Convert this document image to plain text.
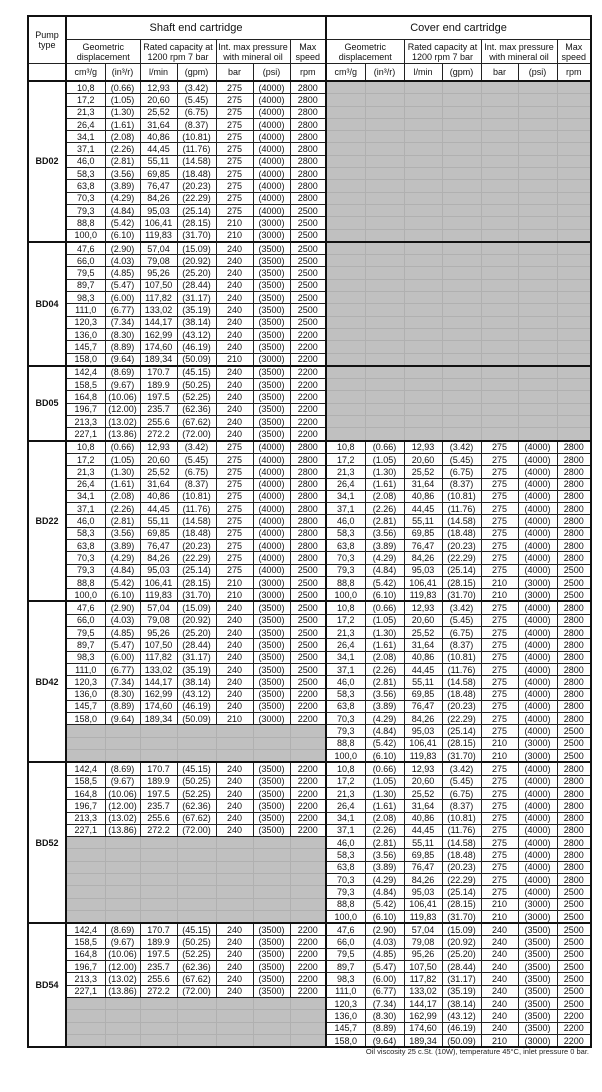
Pump type	Shaft end cartridge							Cover end cartridge						
	Geometric displacement		Rated capacity at 1200 rpm 7 bar		Int. max pressure with mineral oil		Max speed	Geometric displacement		Rated capacity at 1200 rpm 7 bar		Int. max pressure with mineral oil		Max speed
	cm³/g	(in³/r)	l/min	(gpm)	bar	(psi)	rpm	cm³/g	(in³/r)	l/min	(gpm)	bar	(psi)	rpm
BD02	10,8	(0.66)	12,93	(3.42)	275	(4000)	2800							
	17,2	(1.05)	20,60	(5.45)	275	(4000)	2800							
	21,3	(1.30)	25,52	(6.75)	275	(4000)	2800							
	26,4	(1.61)	31,64	(8.37)	275	(4000)	2800							
	34,1	(2.08)	40,86	(10.81)	275	(4000)	2800							
	37,1	(2.26)	44,45	(11.76)	275	(4000)	2800							
	46,0	(2.81)	55,11	(14.58)	275	(4000)	2800							
	58,3	(3.56)	69,85	(18.48)	275	(4000)	2800							
	63,8	(3.89)	76,47	(20.23)	275	(4000)	2800							
	70,3	(4.29)	84,26	(22.29)	275	(4000)	2800							
	79,3	(4.84)	95,03	(25.14)	275	(4000)	2500							
	88,8	(5.42)	106,41	(28.15)	210	(3000)	2500							
	100,0	(6.10)	119,83	(31.70)	210	(3000)	2500							
BD04	47,6	(2.90)	57,04	(15.09)	240	(3500)	2500							
	66,0	(4.03)	79,08	(20.92)	240	(3500)	2500							
	79,5	(4.85)	95,26	(25.20)	240	(3500)	2500							
	89,7	(5.47)	107,50	(28.44)	240	(3500)	2500							
	98,3	(6.00)	117,82	(31.17)	240	(3500)	2500							
	111,0	(6.77)	133,02	(35.19)	240	(3500)	2500							
	120,3	(7.34)	144,17	(38.14)	240	(3500)	2500							
	136,0	(8.30)	162,99	(43.12)	240	(3500)	2200							
	145,7	(8.89)	174,60	(46.19)	240	(3500)	2200							
	158,0	(9.64)	189,34	(50.09)	210	(3000)	2200							
BD05	142,4	(8.69)	170.7	(45.15)	240	(3500)	2200							
	158,5	(9.67)	189.9	(50.25)	240	(3500)	2200							
	164,8	(10.06)	197.5	(52.25)	240	(3500)	2200							
	196,7	(12.00)	235.7	(62.36)	240	(3500)	2200							
	213,3	(13.02)	255.6	(67.62)	240	(3500)	2200							
	227,1	(13.86)	272.2	(72.00)	240	(3500)	2200							
BD22	10,8	(0.66)	12,93	(3.42)	275	(4000)	2800	10,8	(0.66)	12,93	(3.42)	275	(4000)	2800
	17,2	(1.05)	20,60	(5.45)	275	(4000)	2800	17,2	(1.05)	20,60	(5.45)	275	(4000)	2800
	21,3	(1.30)	25,52	(6.75)	275	(4000)	2800	21,3	(1.30)	25,52	(6.75)	275	(4000)	2800
	26,4	(1.61)	31,64	(8.37)	275	(4000)	2800	26,4	(1.61)	31,64	(8.37)	275	(4000)	2800
	34,1	(2.08)	40,86	(10.81)	275	(4000)	2800	34,1	(2.08)	40,86	(10.81)	275	(4000)	2800
	37,1	(2.26)	44,45	(11.76)	275	(4000)	2800	37,1	(2.26)	44,45	(11.76)	275	(4000)	2800
	46,0	(2.81)	55,11	(14.58)	275	(4000)	2800	46,0	(2.81)	55,11	(14.58)	275	(4000)	2800
	58,3	(3.56)	69,85	(18.48)	275	(4000)	2800	58,3	(3.56)	69,85	(18.48)	275	(4000)	2800
	63,8	(3.89)	76,47	(20.23)	275	(4000)	2800	63,8	(3.89)	76,47	(20.23)	275	(4000)	2800
	70,3	(4.29)	84,26	(22.29)	275	(4000)	2800	70,3	(4.29)	84,26	(22.29)	275	(4000)	2800
	79,3	(4.84)	95,03	(25.14)	275	(4000)	2500	79,3	(4.84)	95,03	(25.14)	275	(4000)	2500
	88,8	(5.42)	106,41	(28.15)	210	(3000)	2500	88,8	(5.42)	106,41	(28.15)	210	(3000)	2500
	100,0	(6.10)	119,83	(31.70)	210	(3000)	2500	100,0	(6.10)	119,83	(31.70)	210	(3000)	2500
BD42	47,6	(2.90)	57,04	(15.09)	240	(3500)	2500	10,8	(0.66)	12,93	(3.42)	275	(4000)	2800
	66,0	(4.03)	79,08	(20.92)	240	(3500)	2500	17,2	(1.05)	20,60	(5.45)	275	(4000)	2800
	79,5	(4.85)	95,26	(25.20)	240	(3500)	2500	21,3	(1.30)	25,52	(6.75)	275	(4000)	2800
	89,7	(5.47)	107,50	(28.44)	240	(3500)	2500	26,4	(1.61)	31,64	(8.37)	275	(4000)	2800
	98,3	(6.00)	117,82	(31.17)	240	(3500)	2500	34,1	(2.08)	40,86	(10.81)	275	(4000)	2800
	111,0	(6.77)	133,02	(35.19)	240	(3500)	2500	37,1	(2.26)	44,45	(11.76)	275	(4000)	2800
	120,3	(7.34)	144,17	(38.14)	240	(3500)	2500	46,0	(2.81)	55,11	(14.58)	275	(4000)	2800
	136,0	(8.30)	162,99	(43.12)	240	(3500)	2200	58,3	(3.56)	69,85	(18.48)	275	(4000)	2800
	145,7	(8.89)	174,60	(46.19)	240	(3500)	2200	63,8	(3.89)	76,47	(20.23)	275	(4000)	2800
	158,0	(9.64)	189,34	(50.09)	210	(3000)	2200	70,3	(4.29)	84,26	(22.29)	275	(4000)	2800
								79,3	(4.84)	95,03	(25.14)	275	(4000)	2500
								88,8	(5.42)	106,41	(28.15)	210	(3000)	2500
								100,0	(6.10)	119,83	(31.70)	210	(3000)	2500
BD52	142,4	(8.69)	170.7	(45.15)	240	(3500)	2200	10,8	(0.66)	12,93	(3.42)	275	(4000)	2800
	158,5	(9.67)	189.9	(50.25)	240	(3500)	2200	17,2	(1.05)	20,60	(5.45)	275	(4000)	2800
	164,8	(10.06)	197.5	(52.25)	240	(3500)	2200	21,3	(1.30)	25,52	(6.75)	275	(4000)	2800
	196,7	(12.00)	235.7	(62.36)	240	(3500)	2200	26,4	(1.61)	31,64	(8.37)	275	(4000)	2800
	213,3	(13.02)	255.6	(67.62)	240	(3500)	2200	34,1	(2.08)	40,86	(10.81)	275	(4000)	2800
	227,1	(13.86)	272.2	(72.00)	240	(3500)	2200	37,1	(2.26)	44,45	(11.76)	275	(4000)	2800
								46,0	(2.81)	55,11	(14.58)	275	(4000)	2800
								58,3	(3.56)	69,85	(18.48)	275	(4000)	2800
								63,8	(3.89)	76,47	(20.23)	275	(4000)	2800
								70,3	(4.29)	84,26	(22.29)	275	(4000)	2800
								79,3	(4.84)	95,03	(25.14)	275	(4000)	2500
								88,8	(5.42)	106,41	(28.15)	210	(3000)	2500
								100,0	(6.10)	119,83	(31.70)	210	(3000)	2500
BD54	142,4	(8.69)	170.7	(45.15)	240	(3500)	2200	47,6	(2.90)	57,04	(15.09)	240	(3500)	2500
	158,5	(9.67)	189.9	(50.25)	240	(3500)	2200	66,0	(4.03)	79,08	(20.92)	240	(3500)	2500
	164,8	(10.06)	197.5	(52.25)	240	(3500)	2200	79,5	(4.85)	95,26	(25.20)	240	(3500)	2500
	196,7	(12.00)	235.7	(62.36)	240	(3500)	2200	89,7	(5.47)	107,50	(28.44)	240	(3500)	2500
	213,3	(13.02)	255.6	(67.62)	240	(3500)	2200	98,3	(6.00)	117,82	(31.17)	240	(3500)	2500
	227,1	(13.86)	272.2	(72.00)	240	(3500)	2200	111,0	(6.77)	133,02	(35.19)	240	(3500)	2500
								120,3	(7.34)	144,17	(38.14)	240	(3500)	2500
								136,0	(8.30)	162,99	(43.12)	240	(3500)	2200
								145,7	(8.89)	174,60	(46.19)	240	(3500)	2200
								158,0	(9.64)	189,34	(50.09)	210	(3000)	2200
Oil viscosity 25 c.St. (10W), temperature 45°C, inlet pressure 0 bar.
